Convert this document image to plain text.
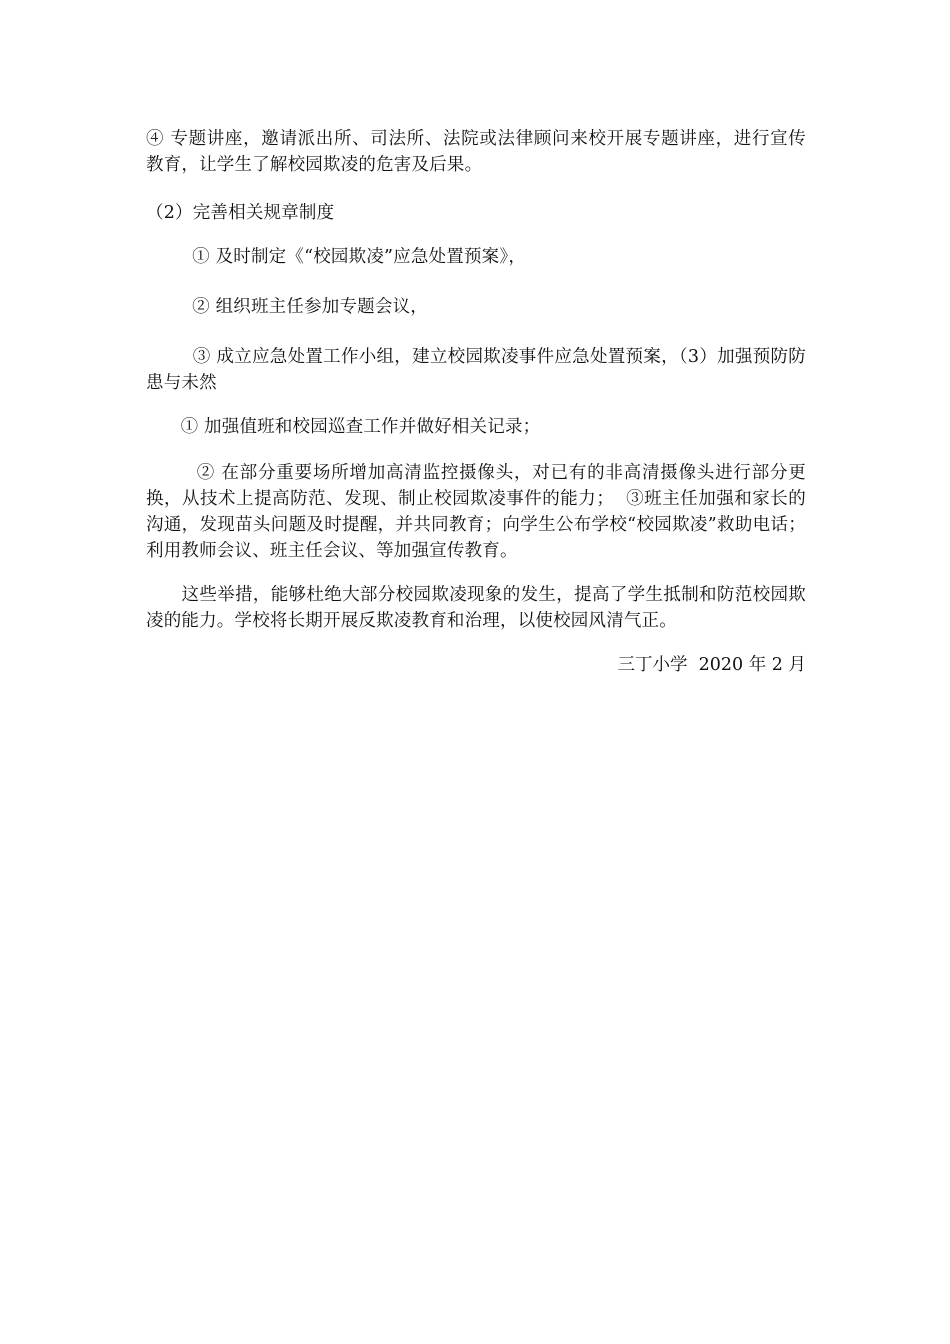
④ 专题讲座，邀请派出所、司法所、法院或法律顾问来校开展专题讲座，进行宣传教育，让学生了解校园欺凌的危害及后果。

（2）完善相关规章制度

① 及时制定《“校园欺凌”应急处置预案》，

② 组织班主任参加专题会议，

③ 成立应急处置工作小组，建立校园欺凌事件应急处置预案，（3）加强预防防患与未然

① 加强值班和校园巡查工作并做好相关记录；

② 在部分重要场所增加高清监控摄像头，对已有的非高清摄像头进行部分更换，从技术上提高防范、发现、制止校园欺凌事件的能力；  ③班主任加强和家长的沟通，发现苗头问题及时提醒，并共同教育；向学生公布学校“校园欺凌”救助电话；   利用教师会议、班主任会议、等加强宣传教育。

这些举措，能够杜绝大部分校园欺凌现象的发生，提高了学生抵制和防范校园欺凌的能力。学校将长期开展反欺凌教育和治理，以使校园风清气正。

三丁小学  2020 年 2 月
